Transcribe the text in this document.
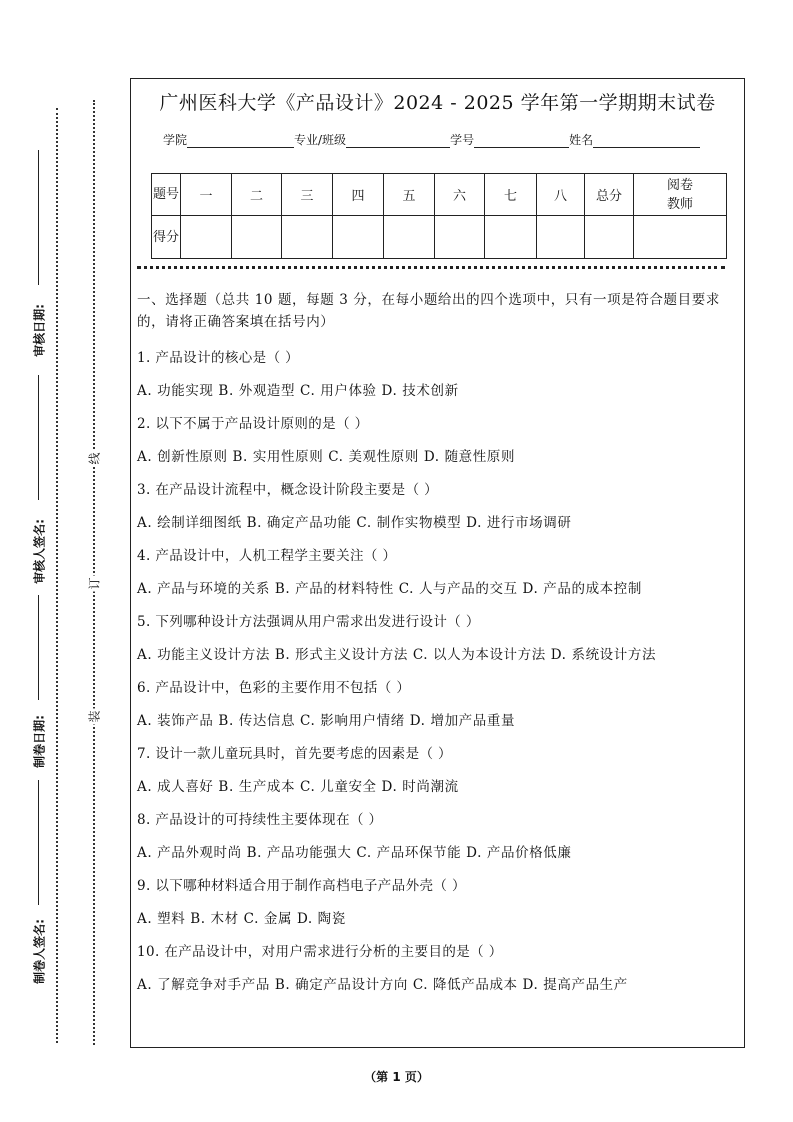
审核日期:
审核人签名:
制卷日期:
制卷人签名:
线
订
装
广州医科大学《产品设计》2024 - 2025 学年第一学期期末试卷
学院	专业/班级	学号	姓名
题号	一	二	三	四	五	六	七	八	总分	阅卷教师
得分										

一、选择题（总共 10 题，每题 3 分，在每小题给出的四个选项中，只有一项是符合题目要求的，请将正确答案填在括号内）

1. 产品设计的核心是（ ）

A. 功能实现 B. 外观造型 C. 用户体验 D. 技术创新

2. 以下不属于产品设计原则的是（ ）

A. 创新性原则 B. 实用性原则 C. 美观性原则 D. 随意性原则

3. 在产品设计流程中，概念设计阶段主要是（ ）

A. 绘制详细图纸 B. 确定产品功能 C. 制作实物模型 D. 进行市场调研

4. 产品设计中，人机工程学主要关注（ ）

A. 产品与环境的关系 B. 产品的材料特性 C. 人与产品的交互 D. 产品的成本控制

5. 下列哪种设计方法强调从用户需求出发进行设计（ ）

A. 功能主义设计方法 B. 形式主义设计方法 C. 以人为本设计方法 D. 系统设计方法

6. 产品设计中，色彩的主要作用不包括（ ）

A. 装饰产品 B. 传达信息 C. 影响用户情绪 D. 增加产品重量

7. 设计一款儿童玩具时，首先要考虑的因素是（ ）

A. 成人喜好 B. 生产成本 C. 儿童安全 D. 时尚潮流

8. 产品设计的可持续性主要体现在（ ）

A. 产品外观时尚 B. 产品功能强大 C. 产品环保节能 D. 产品价格低廉

9. 以下哪种材料适合用于制作高档电子产品外壳（ ）

A. 塑料 B. 木材 C. 金属 D. 陶瓷

10. 在产品设计中，对用户需求进行分析的主要目的是（ ）

A. 了解竞争对手产品 B. 确定产品设计方向 C. 降低产品成本 D. 提高产品生产

（第 1 页）
